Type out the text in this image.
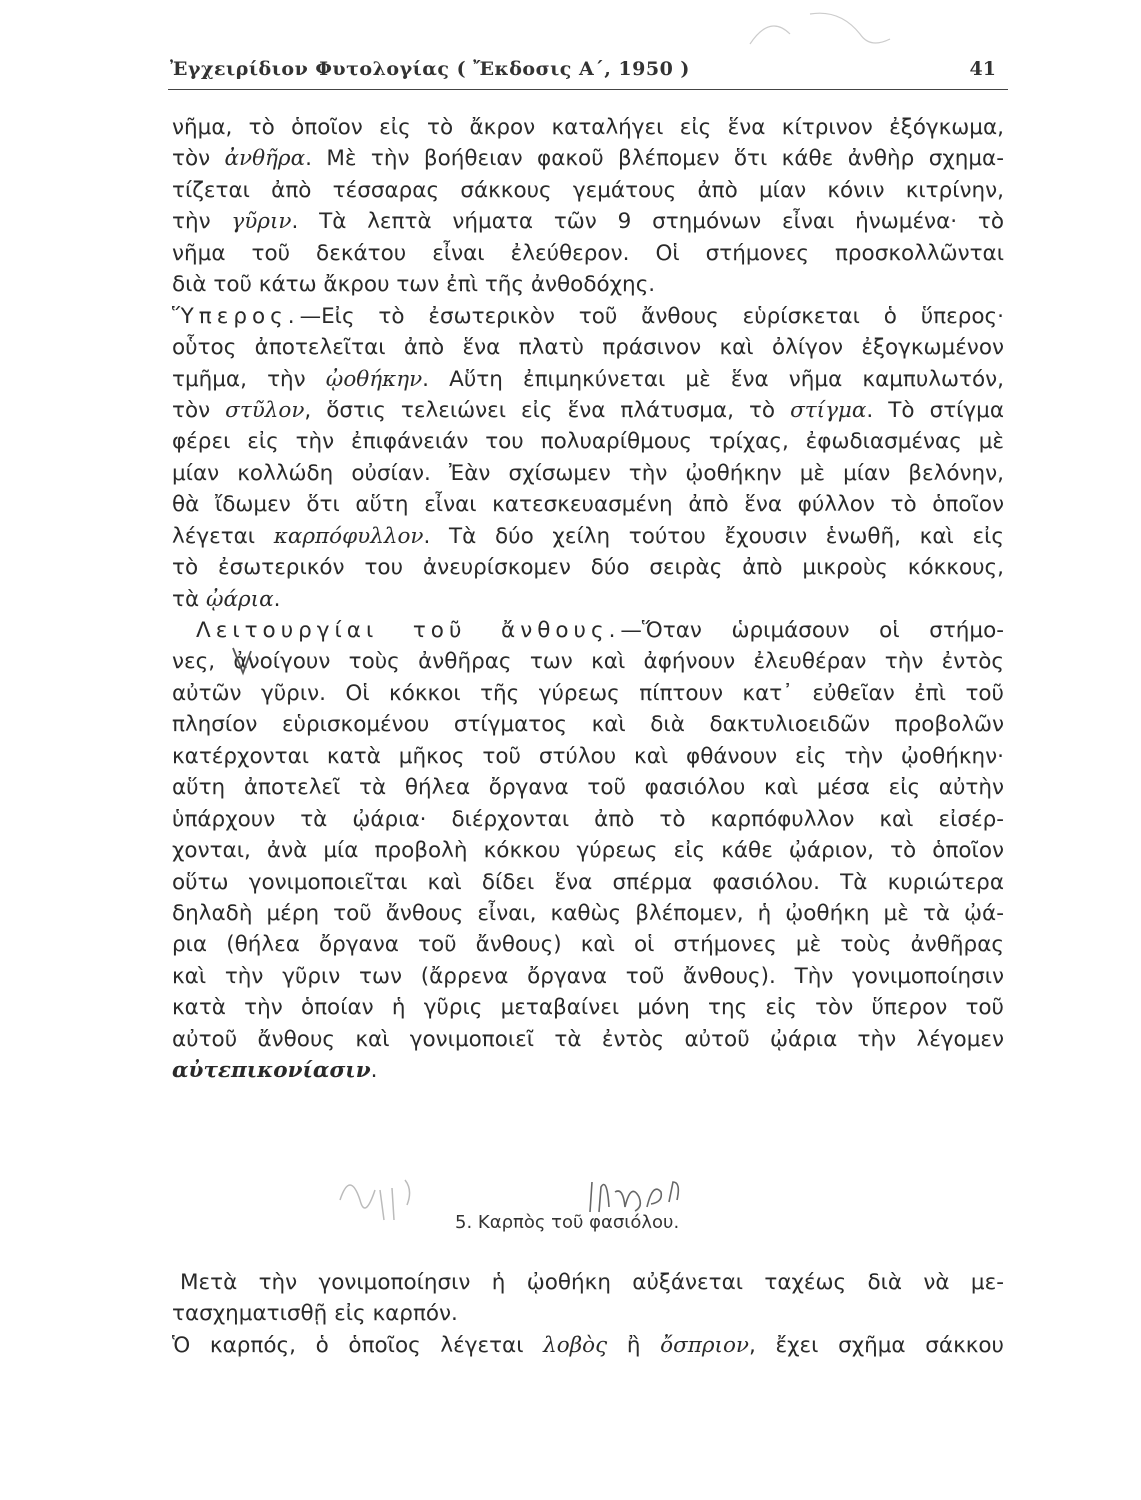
Ἐγχειρίδιον Φυτολογίας ( Ἔκδοσις Α΄, 1950 )	41
νῆμα, τὸ ὁποῖον εἰς τὸ ἄκρον καταλήγει εἰς ἕνα κίτρινον ἐξόγκωμα,
τὸν ἀνθῆρα. Μὲ τὴν βοήθειαν φακοῦ βλέπομεν ὅτι κάθε ἀνθὴρ σχημα-
τίζεται ἀπὸ τέσσαρας σάκκους γεμάτους ἀπὸ μίαν κόνιν κιτρίνην,
τὴν γῦριν. Τὰ λεπτὰ νήματα τῶν 9 στημόνων εἶναι ἡνωμένα· τὸ
νῆμα τοῦ δεκάτου εἶναι ἐλεύθερον. Οἱ στήμονες προσκολλῶνται
διὰ τοῦ κάτω ἄκρου των ἐπὶ τῆς ἀνθοδόχης.
Ὕπερος.—Εἰς τὸ ἐσωτερικὸν τοῦ ἄνθους εὑρίσκεται ὁ ὕπερος·
οὗτος ἀποτελεῖται ἀπὸ ἕνα πλατὺ πράσινον καὶ ὀλίγον ἐξογκωμένον
τμῆμα, τὴν ᾠοθήκην. Αὕτη ἐπιμηκύνεται μὲ ἕνα νῆμα καμπυλωτόν,
τὸν στῦλον, ὅστις τελειώνει εἰς ἕνα πλάτυσμα, τὸ στίγμα. Τὸ στίγμα
φέρει εἰς τὴν ἐπιφάνειάν του πολυαρίθμους τρίχας, ἐφωδιασμένας μὲ
μίαν κολλώδη οὐσίαν. Ἐὰν σχίσωμεν τὴν ᾠοθήκην μὲ μίαν βελόνην,
θὰ ἴδωμεν ὅτι αὕτη εἶναι κατεσκευασμένη ἀπὸ ἕνα φύλλον τὸ ὁποῖον
λέγεται καρπόφυλλον. Τὰ δύο χείλη τούτου ἔχουσιν ἑνωθῆ, καὶ εἰς
τὸ ἐσωτερικόν του ἀνευρίσκομεν δύο σειρὰς ἀπὸ μικροὺς κόκκους,
τὰ ᾠάρια.
Λειτουργίαι τοῦ ἄνθους.—Ὅταν ὡριμάσουν οἱ στήμο-
νες, ἀνοίγουν τοὺς ἀνθῆρας των καὶ ἀφήνουν ἐλευθέραν τὴν ἐντὸς
αὐτῶν γῦριν. Οἱ κόκκοι τῆς γύρεως πίπτουν κατ᾽ εὐθεῖαν ἐπὶ τοῦ
πλησίον εὑρισκομένου στίγματος καὶ διὰ δακτυλιοειδῶν προβολῶν
κατέρχονται κατὰ μῆκος τοῦ στύλου καὶ φθάνουν εἰς τὴν ᾠοθήκην·
αὕτη ἀποτελεῖ τὰ θήλεα ὄργανα τοῦ φασιόλου καὶ μέσα εἰς αὐτὴν
ὑπάρχουν τὰ ᾠάρια· διέρχονται ἀπὸ τὸ καρπόφυλλον καὶ εἰσέρ-
χονται, ἀνὰ μία προβολὴ κόκκου γύρεως εἰς κάθε ᾠάριον, τὸ ὁποῖον
οὕτω γονιμοποιεῖται καὶ δίδει ἕνα σπέρμα φασιόλου. Τὰ κυριώτερα
δηλαδὴ μέρη τοῦ ἄνθους εἶναι, καθὼς βλέπομεν, ἡ ᾠοθήκη μὲ τὰ ᾠά-
ρια (θήλεα ὄργανα τοῦ ἄνθους) καὶ οἱ στήμονες μὲ τοὺς ἀνθῆρας
καὶ τὴν γῦριν των (ἄρρενα ὄργανα τοῦ ἄνθους). Τὴν γονιμοποίησιν
κατὰ τὴν ὁποίαν ἡ γῦρις μεταβαίνει μόνη της εἰς τὸν ὕπερον τοῦ
αὐτοῦ ἄνθους καὶ γονιμοποιεῖ τὰ ἐντὸς αὐτοῦ ᾠάρια τὴν λέγομεν
αὐτεπικονίασιν.
5. Καρπὸς τοῦ φασιόλου.
Μετὰ τὴν γονιμοποίησιν ἡ ᾠοθήκη αὐξάνεται ταχέως διὰ νὰ με-
τασχηματισθῇ εἰς καρπόν.
Ὁ καρπός, ὁ ὁποῖος λέγεται λοβὸς ἢ ὄσπριον, ἔχει σχῆμα σάκκου
